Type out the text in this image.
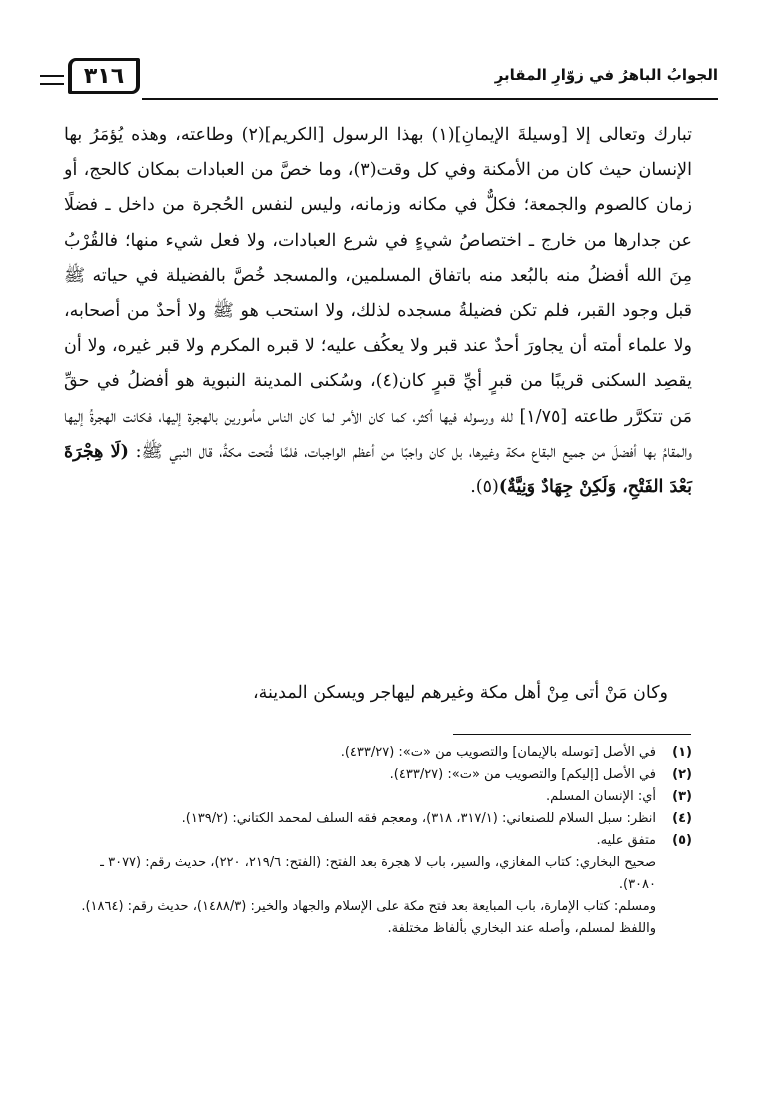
الجوابُ الباهرُ في زوّارِ المقابرِ
٣١٦

تبارك وتعالى إلا [وسيلةَ الإيمانِ](١) بهذا الرسول [الكريم](٢) وطاعته، وهذه يُؤمَرُ بها الإنسان حيث كان من الأمكنة وفي كل وقت(٣)، وما خصَّ من العبادات بمكان كالحج، أو زمان كالصوم والجمعة؛ فكلٌّ في مكانه وزمانه، وليس لنفس الحُجرة من داخل ـ فضلًا عن جدارها من خارج ـ اختصاصُ شيءٍ في شرع العبادات، ولا فعل شيء منها؛ فالقُرْبُ مِنَ الله أفضلُ منه بالبُعد منه باتفاق المسلمين، والمسجد خُصَّ بالفضيلة في حياته ﷺ قبل وجود القبر، فلم تكن فضيلةُ مسجده لذلك، ولا استحب هو ﷺ ولا أحدٌ من أصحابه، ولا علماء أمته أن يجاورَ أحدٌ عند قبر ولا يعكُف عليه؛ لا قبره المكرم ولا قبر غيره، ولا أن يقصِد السكنى قريبًا من قبرٍ أيِّ قبرٍ كان(٤)، وسُكنى المدينة النبوية هو أفضلُ في حقِّ مَن تتكرَّر طاعته [١/٧٥] لله ورسوله فيها أكثر، كما كان الأمر لما كان الناس مأمورين بالهجرة إليها، فكانت الهجرةُ إليها والمقامُ بها أفضلَ من جميع البقاع مكة وغيرها، بل كان واجبًا من أعظم الواجبات، فلمَّا فُتحت مكةُ، قال النبي ﷺ: (لَا هِجْرَةَ بَعْدَ الفَتْحِ، وَلَكِنْ جِهَادٌ وَنِيَّةٌ)(٥).

وكان مَنْ أتى مِنْ أهل مكة وغيرهم ليهاجر ويسكن المدينة،
(١)
في الأصل [توسله بالإيمان] والتصويب من «ت»: (٤٣٣/٢٧).
(٢)
في الأصل [إليكم] والتصويب من «ت»: (٤٣٣/٢٧).
(٣)
أي: الإنسان المسلم.
(٤)
انظر: سبل السلام للصنعاني: (٣١٧/١، ٣١٨)، ومعجم فقه السلف لمحمد الكتاني: (١٣٩/٢).
(٥)
متفق عليه.
صحيح البخاري: كتاب المغازي، والسير، باب لا هجرة بعد الفتح: (الفتح: ٢١٩/٦، ٢٢٠)، حديث رقم: (٣٠٧٧ ـ ٣٠٨٠).
ومسلم: كتاب الإمارة، باب المبايعة بعد فتح مكة على الإسلام والجهاد والخير: (١٤٨٨/٣)، حديث رقم: (١٨٦٤).
واللفظ لمسلم، وأصله عند البخاري بألفاظ مختلفة.
